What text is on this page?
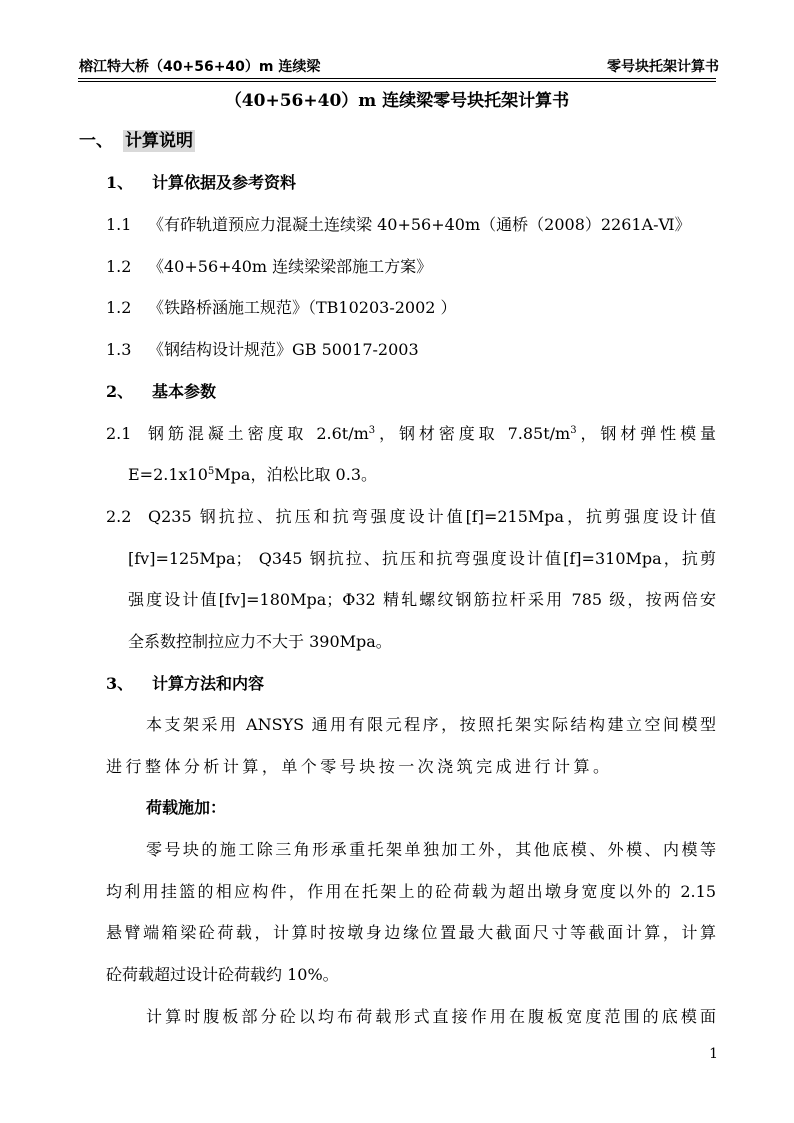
榕江特大桥（40+56+40）m 连续梁	零号块托架计算书
（40+56+40）m 连续梁零号块托架计算书
一、 计算说明
1、 计算依据及参考资料
1.1 《有砟轨道预应力混凝土连续梁 40+56+40m（通桥（2008）2261A-Ⅵ》
1.2 《40+56+40m 连续梁梁部施工方案》
1.2 《铁路桥涵施工规范》（TB10203-2002 ）
1.3 《钢结构设计规范》GB 50017-2003
2、 基本参数
2.1 钢筋混凝土密度取 $2.6t/m^3$，钢材密度取 $7.85t/m^3$，钢材弹性模量
$E=2.1x10^5Mpa$，泊松比取 0.3。
2.2 Q235 钢抗拉、抗压和抗弯强度设计值[f]=215Mpa，抗剪强度设计值
[fv]=125Mpa； Q345 钢抗拉、抗压和抗弯强度设计值[f]=310Mpa，抗剪
强度设计值[fv]=180Mpa；Φ32 精轧螺纹钢筋拉杆采用 785 级，按两倍安
全系数控制拉应力不大于 390Mpa。
3、 计算方法和内容
本支架采用 ANSYS 通用有限元程序，按照托架实际结构建立空间模型
进行整体分析计算，单个零号块按一次浇筑完成进行计算。
荷载施加：
零号块的施工除三角形承重托架单独加工外，其他底模、外模、内模等
均利用挂篮的相应构件，作用在托架上的砼荷载为超出墩身宽度以外的 2.15
悬臂端箱梁砼荷载，计算时按墩身边缘位置最大截面尺寸等截面计算，计算
砼荷载超过设计砼荷载约 10%。
计算时腹板部分砼以均布荷载形式直接作用在腹板宽度范围的底模面
1
